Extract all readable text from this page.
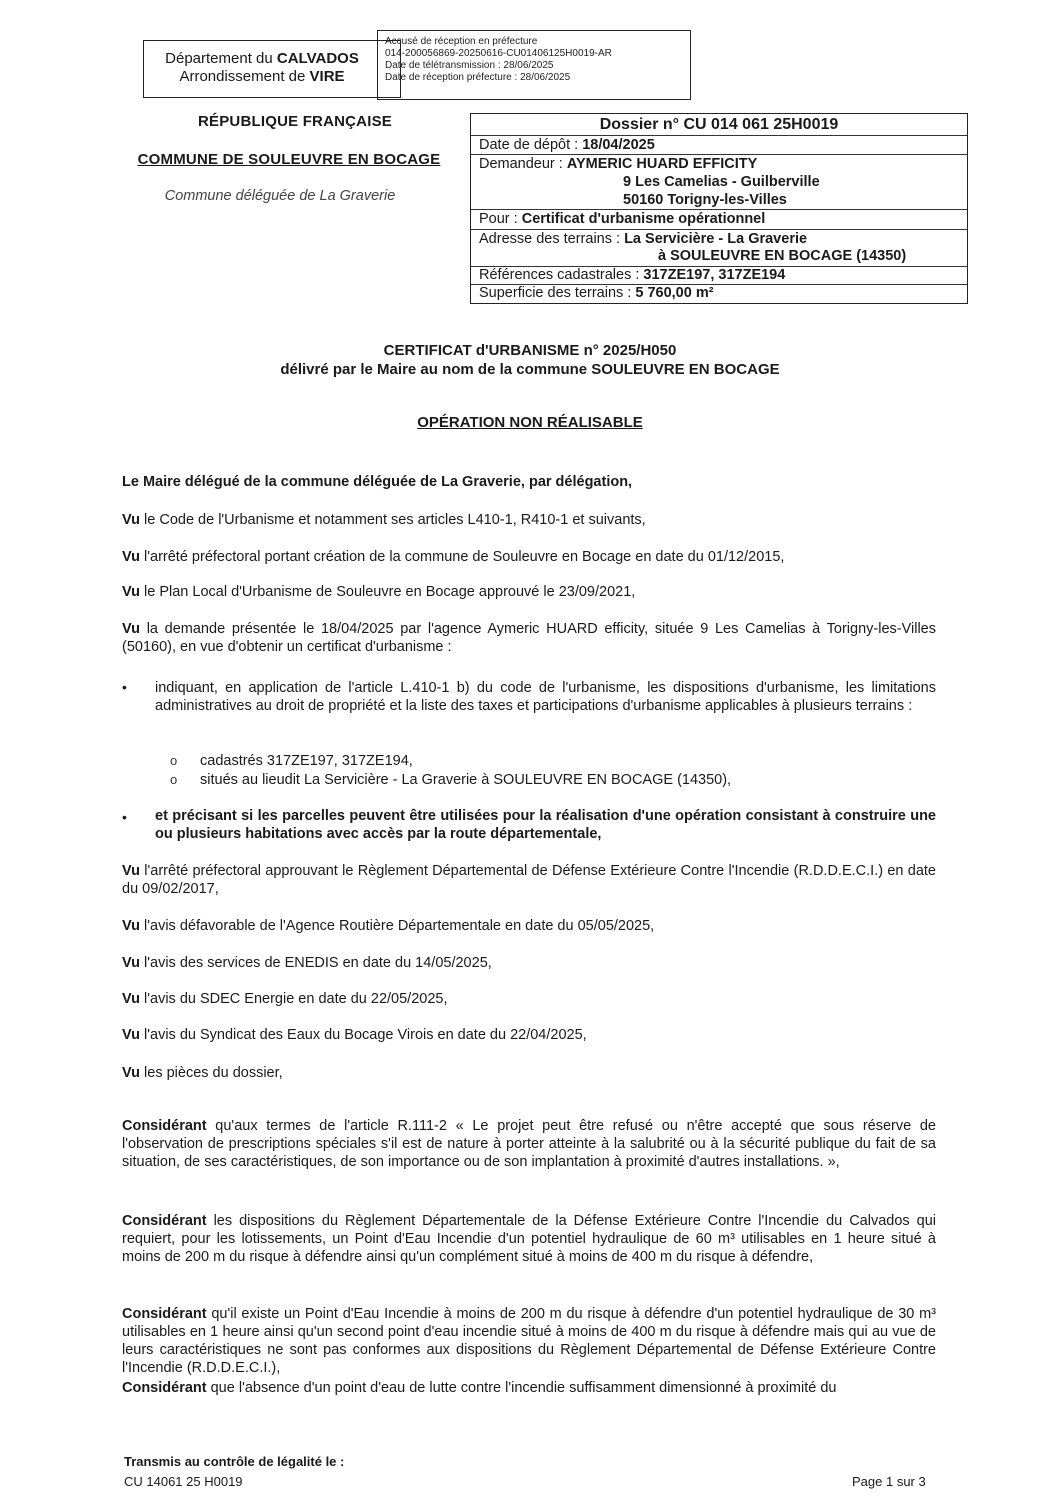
Département du CALVADOS
Arrondissement de VIRE
Accusé de réception en préfecture
014-200056869-20250616-CU01406125H0019-AR
Date de télétransmission : 28/06/2025
Date de réception préfecture : 28/06/2025
RÉPUBLIQUE FRANÇAISE
COMMUNE DE SOULEUVRE EN BOCAGE
Commune déléguée de La Graverie
Dossier n° CU 014 061 25H0019
Date de dépôt : 18/04/2025
Demandeur : AYMERIC HUARD EFFICITY
9 Les Camelias - Guilberville
50160 Torigny-les-Villes
Pour : Certificat d'urbanisme opérationnel
Adresse des terrains : La Servicière - La Graverie
à SOULEUVRE EN BOCAGE (14350)
Références cadastrales : 317ZE197, 317ZE194
Superficie des terrains : 5 760,00 m²
CERTIFICAT d'URBANISME n° 2025/H050
délivré par le Maire au nom de la commune SOULEUVRE EN BOCAGE
OPÉRATION NON RÉALISABLE
Le Maire délégué de la commune déléguée de La Graverie, par délégation,
Vu le Code de l'Urbanisme et notamment ses articles L410-1, R410-1 et suivants,
Vu l'arrêté préfectoral portant création de la commune de Souleuvre en Bocage en date du 01/12/2015,
Vu le Plan Local d'Urbanisme de Souleuvre en Bocage approuvé le 23/09/2021,
Vu la demande présentée le 18/04/2025 par l'agence Aymeric HUARD efficity, située 9 Les Camelias à Torigny-les-Villes (50160), en vue d'obtenir un certificat d'urbanisme :
•	indiquant, en application de l'article L.410-1 b) du code de l'urbanisme, les dispositions d'urbanisme, les limitations administratives au droit de propriété et la liste des taxes et participations d'urbanisme applicables à plusieurs terrains :
o cadastrés 317ZE197, 317ZE194,
o situés au lieudit La Servicière - La Graverie à SOULEUVRE EN BOCAGE (14350),
•	et précisant si les parcelles peuvent être utilisées pour la réalisation d'une opération consistant à construire une ou plusieurs habitations avec accès par la route départementale,
Vu l'arrêté préfectoral approuvant le Règlement Départemental de Défense Extérieure Contre l'Incendie (R.D.D.E.C.I.) en date du 09/02/2017,
Vu l'avis défavorable de l'Agence Routière Départementale en date du 05/05/2025,
Vu l'avis des services de ENEDIS en date du 14/05/2025,
Vu l'avis du SDEC Energie en date du 22/05/2025,
Vu l'avis du Syndicat des Eaux du Bocage Virois en date du 22/04/2025,
Vu les pièces du dossier,
Considérant qu'aux termes de l'article R.111-2 « Le projet peut être refusé ou n'être accepté que sous réserve de l'observation de prescriptions spéciales s'il est de nature à porter atteinte à la salubrité ou à la sécurité publique du fait de sa situation, de ses caractéristiques, de son importance ou de son implantation à proximité d'autres installations. »,
Considérant les dispositions du Règlement Départementale de la Défense Extérieure Contre l'Incendie du Calvados qui requiert, pour les lotissements, un Point d'Eau Incendie d'un potentiel hydraulique de 60 m³ utilisables en 1 heure situé à moins de 200 m du risque à défendre ainsi qu'un complément situé à moins de 400 m du risque à défendre,
Considérant qu'il existe un Point d'Eau Incendie à moins de 200 m du risque à défendre d'un potentiel hydraulique de 30 m³ utilisables en 1 heure ainsi qu'un second point d'eau incendie situé à moins de 400 m du risque à défendre mais qui au vue de leurs caractéristiques ne sont pas conformes aux dispositions du Règlement Départemental de Défense Extérieure Contre l'Incendie (R.D.D.E.C.I.),
Considérant que l'absence d'un point d'eau de lutte contre l'incendie suffisamment dimensionné à proximité du
Transmis au contrôle de légalité le :
CU 14061 25 H0019	Page 1 sur 3
